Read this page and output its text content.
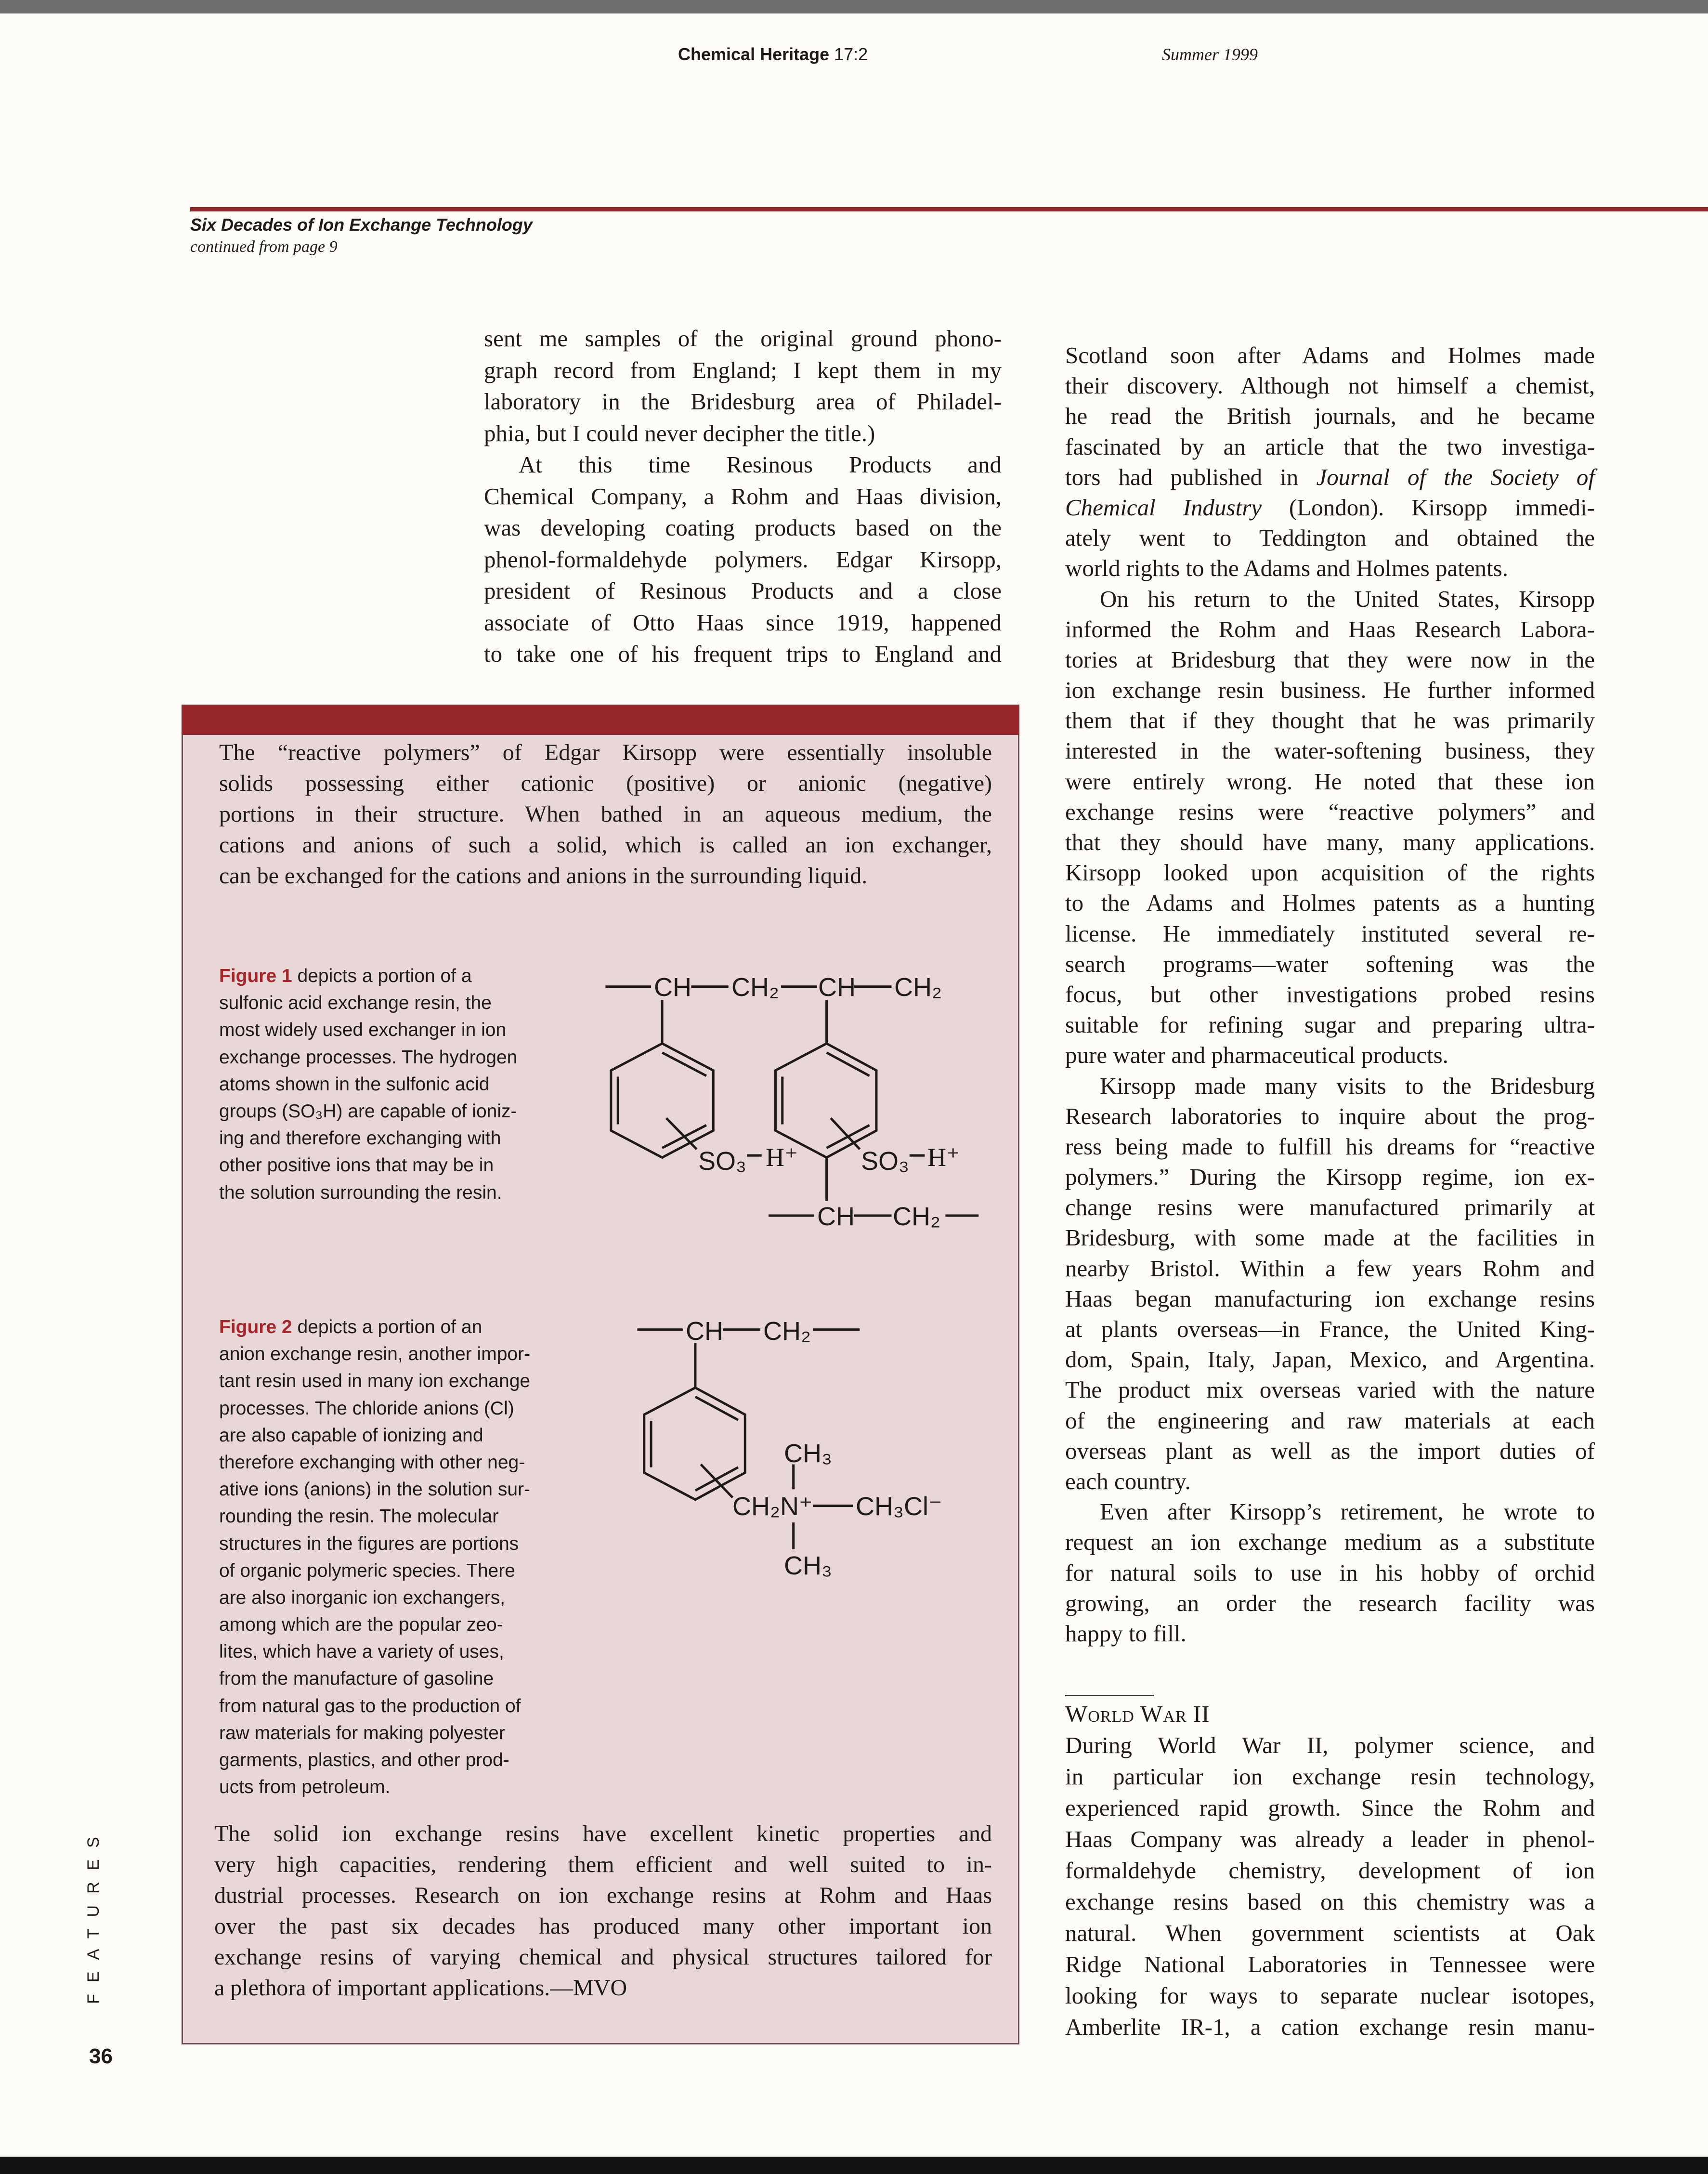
Chemical Heritage 17:2	Summer 1999
Six Decades of Ion Exchange Technology
continued from page 9
sent me samples of the original ground phono-
graph record from England; I kept them in my
laboratory in the Bridesburg area of Philadel-
phia, but I could never decipher the title.)
At this time Resinous Products and
Chemical Company, a Rohm and Haas division,
was developing coating products based on the
phenol-formaldehyde polymers. Edgar Kirsopp,
president of Resinous Products and a close
associate of Otto Haas since 1919, happened
to take one of his frequent trips to England and
Scotland soon after Adams and Holmes made
their discovery. Although not himself a chemist,
he read the British journals, and he became
fascinated by an article that the two investiga-
tors had published in Journal of the Society of
Chemical Industry (London). Kirsopp immedi-
ately went to Teddington and obtained the
world rights to the Adams and Holmes patents.
On his return to the United States, Kirsopp
informed the Rohm and Haas Research Labora-
tories at Bridesburg that they were now in the
ion exchange resin business. He further informed
them that if they thought that he was primarily
interested in the water-softening business, they
were entirely wrong. He noted that these ion
exchange resins were “reactive polymers” and
that they should have many, many applications.
Kirsopp looked upon acquisition of the rights
to the Adams and Holmes patents as a hunting
license. He immediately instituted several re-
search programs—water softening was the
focus, but other investigations probed resins
suitable for refining sugar and preparing ultra-
pure water and pharmaceutical products.
Kirsopp made many visits to the Bridesburg
Research laboratories to inquire about the prog-
ress being made to fulfill his dreams for “reactive
polymers.” During the Kirsopp regime, ion ex-
change resins were manufactured primarily at
Bridesburg, with some made at the facilities in
nearby Bristol. Within a few years Rohm and
Haas began manufacturing ion exchange resins
at plants overseas—in France, the United King-
dom, Spain, Italy, Japan, Mexico, and Argentina.
The product mix overseas varied with the nature
of the engineering and raw materials at each
overseas plant as well as the import duties of
each country.
Even after Kirsopp’s retirement, he wrote to
request an ion exchange medium as a substitute
for natural soils to use in his hobby of orchid
growing, an order the research facility was
happy to fill.
World War II
During World War II, polymer science, and
in particular ion exchange resin technology,
experienced rapid growth. Since the Rohm and
Haas Company was already a leader in phenol-
formaldehyde chemistry, development of ion
exchange resins based on this chemistry was a
natural. When government scientists at Oak
Ridge National Laboratories in Tennessee were
looking for ways to separate nuclear isotopes,
Amberlite IR-1, a cation exchange resin manu-
The “reactive polymers” of Edgar Kirsopp were essentially insoluble
solids possessing either cationic (positive) or anionic (negative)
portions in their structure. When bathed in an aqueous medium, the
cations and anions of such a solid, which is called an ion exchanger,
can be exchanged for the cations and anions in the surrounding liquid.
Figure 1 depicts a portion of a
sulfonic acid exchange resin, the
most widely used exchanger in ion
exchange processes. The hydrogen
atoms shown in the sulfonic acid
groups (SO₃H) are capable of ioniz-
ing and therefore exchanging with
other positive ions that may be in
the solution surrounding the resin.
Figure 2 depicts a portion of an
anion exchange resin, another impor-
tant resin used in many ion exchange
processes. The chloride anions (Cl)
are also capable of ionizing and
therefore exchanging with other neg-
ative ions (anions) in the solution sur-
rounding the resin. The molecular
structures in the figures are portions
of organic polymeric species. There
are also inorganic ion exchangers,
among which are the popular zeo-
lites, which have a variety of uses,
from the manufacture of gasoline
from natural gas to the production of
raw materials for making polyester
garments, plastics, and other prod-
ucts from petroleum.
The solid ion exchange resins have excellent kinetic properties and
very high capacities, rendering them efficient and well suited to in-
dustrial processes. Research on ion exchange resins at Rohm and Haas
over the past six decades has produced many other important ion
exchange resins of varying chemical and physical structures tailored for
a plethora of important applications.—MVO
CH CH₂ CH CH₂
SO₃ H⁺ SO₃ H⁺
CH CH₂
CH CH₂
CH₃
CH₂N⁺ CH₃Cl⁻
CH₃
FEATURES
36
